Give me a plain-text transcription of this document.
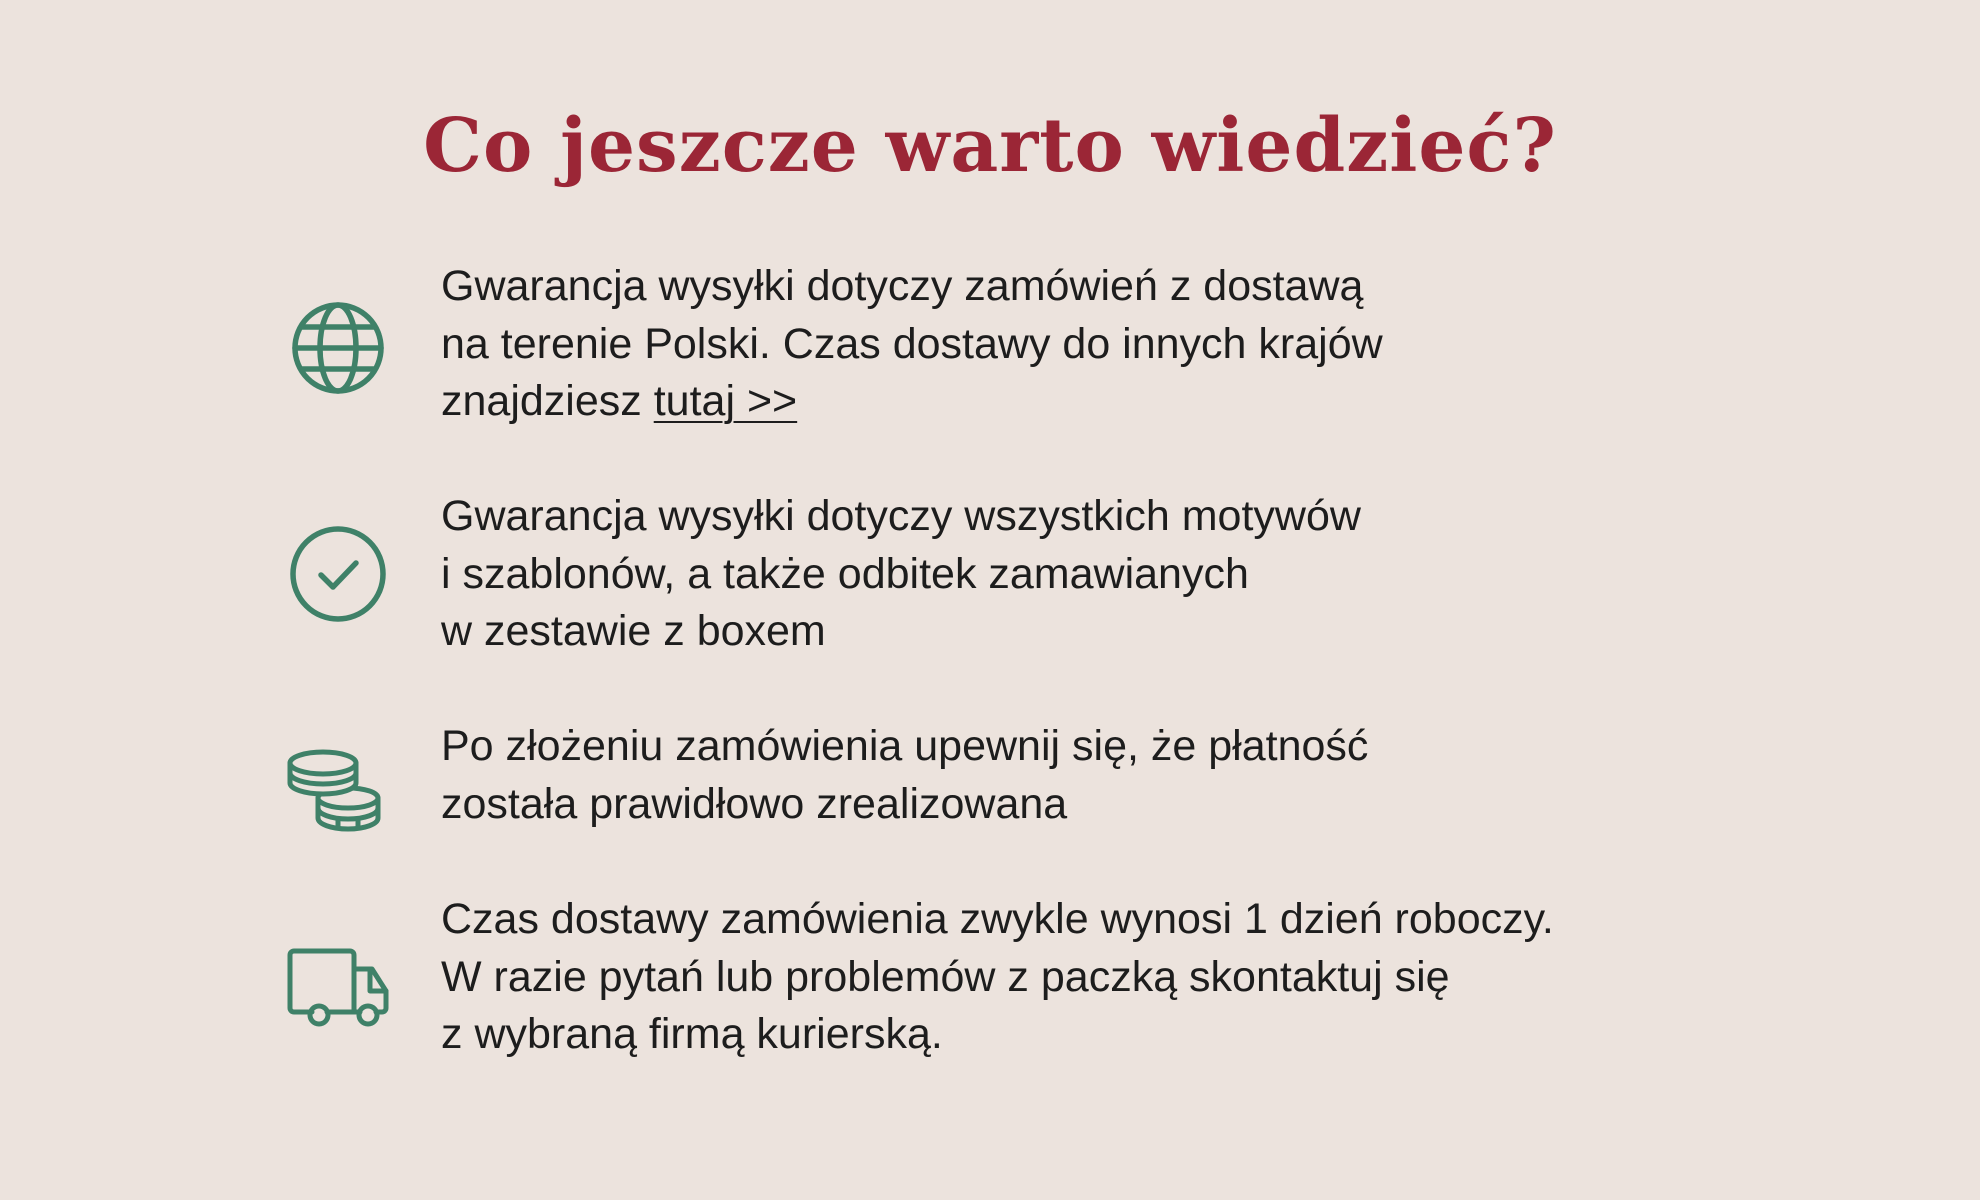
Co jeszcze warto wiedzieć?

Gwarancja wysyłki dotyczy zamówień z dostawą
na terenie Polski. Czas dostawy do innych krajów
znajdziesz tutaj >>

Gwarancja wysyłki dotyczy wszystkich motywów
i szablonów, a także odbitek zamawianych
w zestawie z boxem

Po złożeniu zamówienia upewnij się, że płatność
została prawidłowo zrealizowana

Czas dostawy zamówienia zwykle wynosi 1 dzień roboczy.
W razie pytań lub problemów z paczką skontaktuj się
z wybraną firmą kurierską.
